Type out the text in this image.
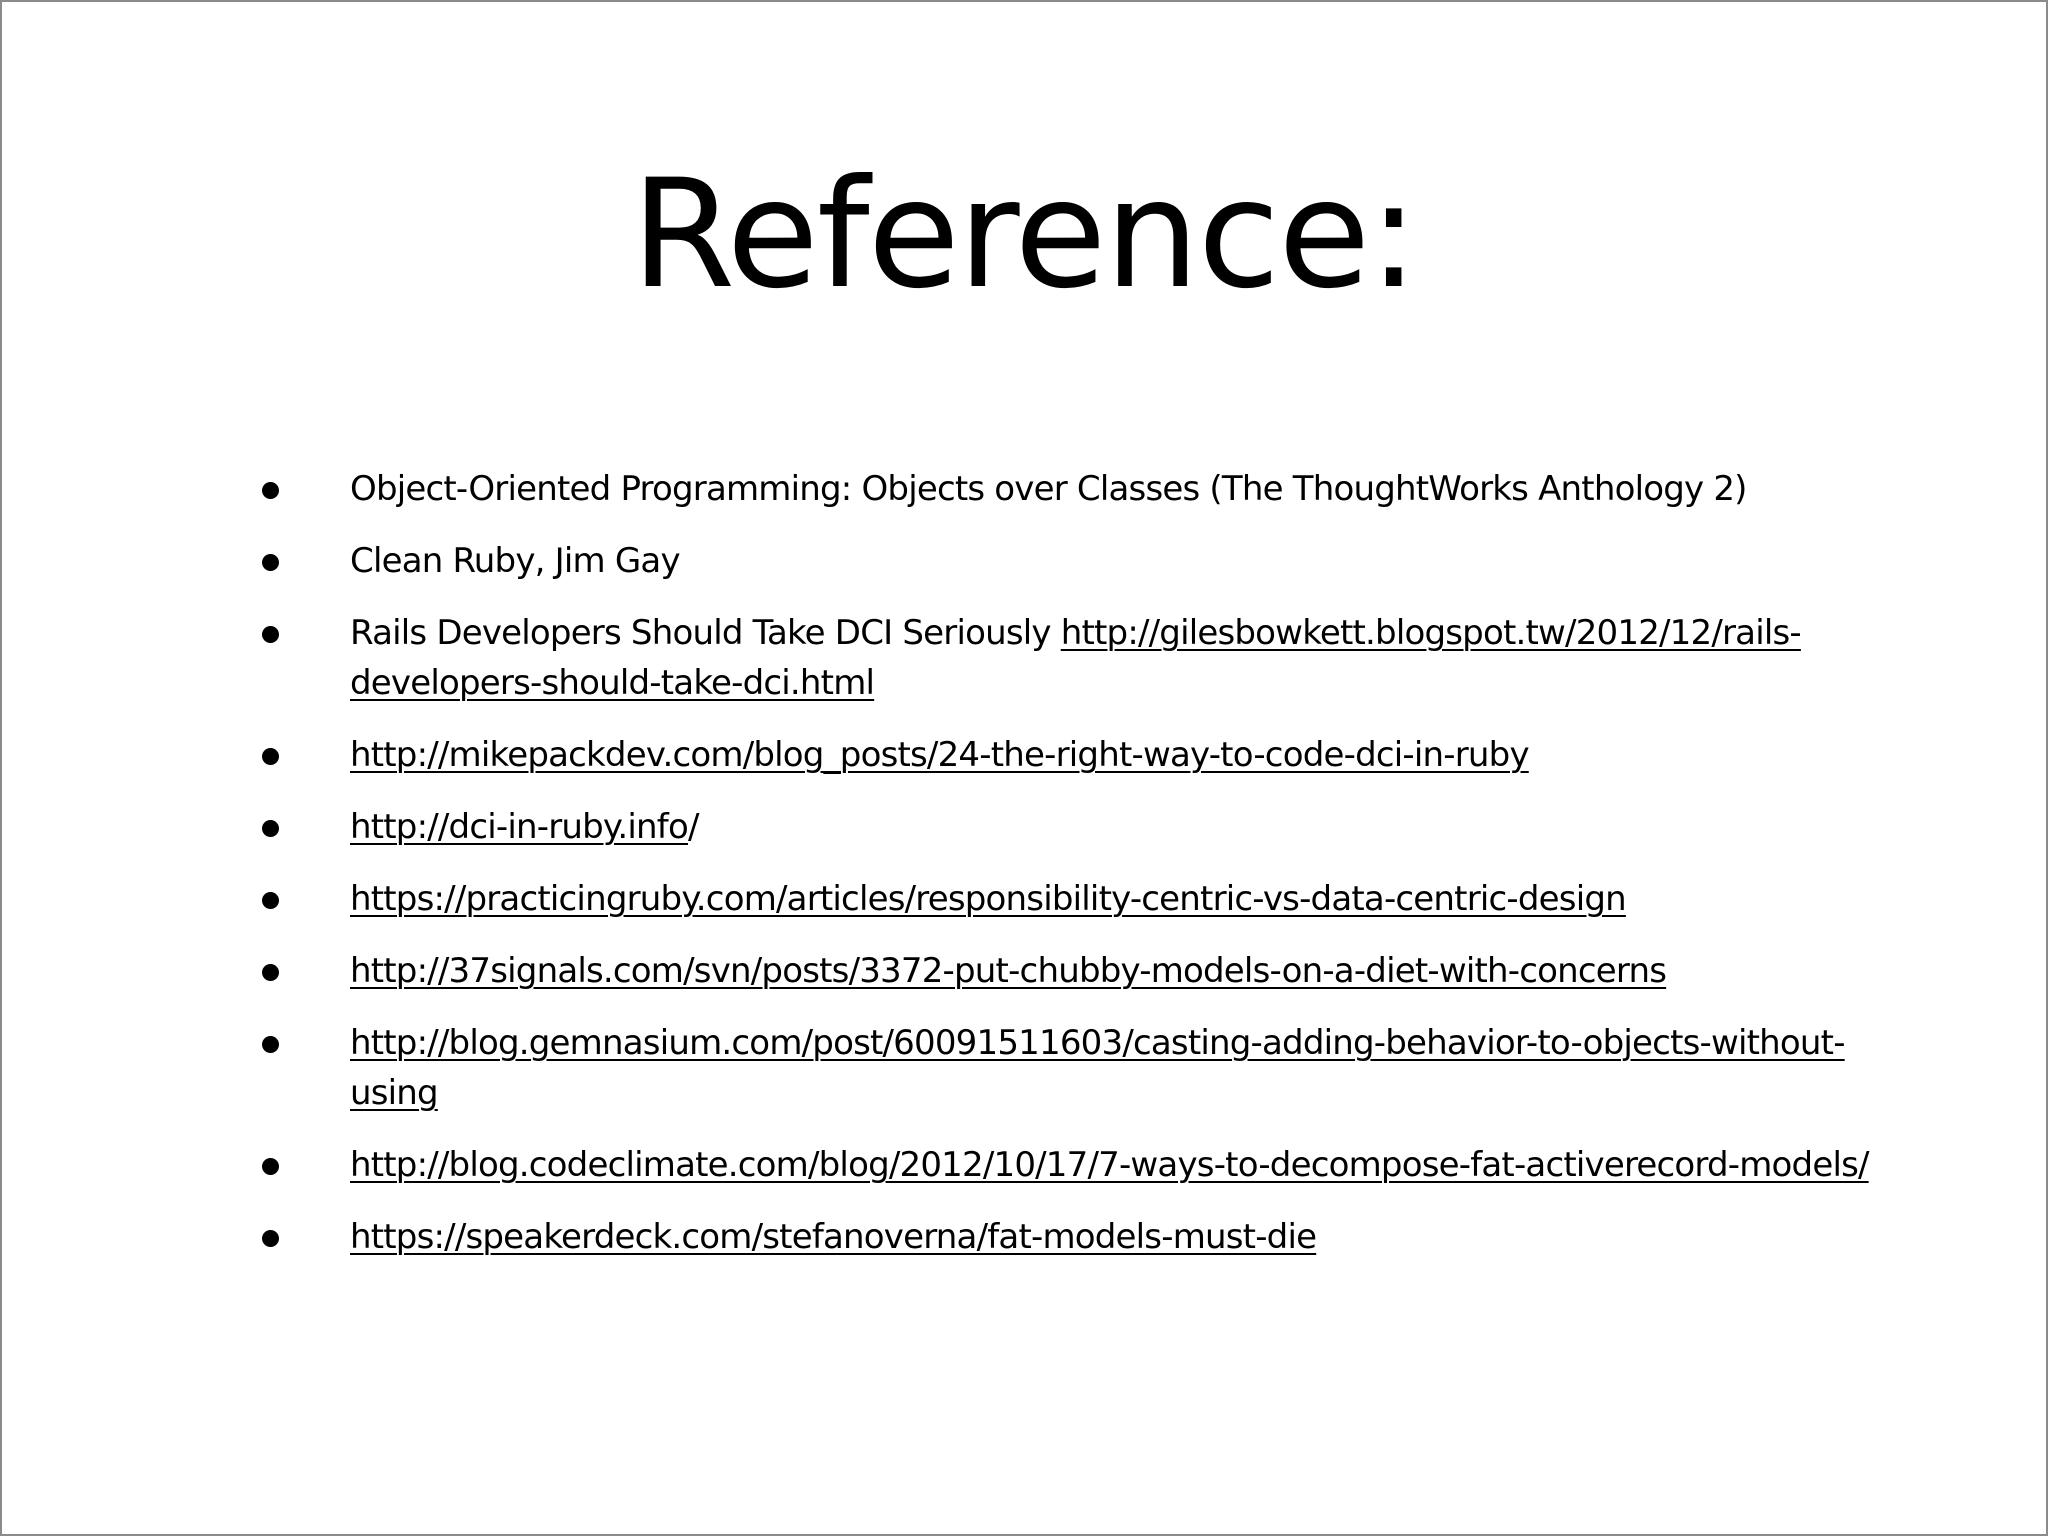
Reference:
Object-Oriented Programming: Objects over Classes (The ThoughtWorks Anthology 2)
Clean Ruby, Jim Gay
Rails Developers Should Take DCI Seriously http://gilesbowkett.blogspot.tw/2012/12/rails-developers-should-take-dci.html
http://mikepackdev.com/blog_posts/24-the-right-way-to-code-dci-in-ruby
http://dci-in-ruby.info/
https://practicingruby.com/articles/responsibility-centric-vs-data-centric-design
http://37signals.com/svn/posts/3372-put-chubby-models-on-a-diet-with-concerns
http://blog.gemnasium.com/post/60091511603/casting-adding-behavior-to-objects-without-using
http://blog.codeclimate.com/blog/2012/10/17/7-ways-to-decompose-fat-activerecord-models/
https://speakerdeck.com/stefanoverna/fat-models-must-die
